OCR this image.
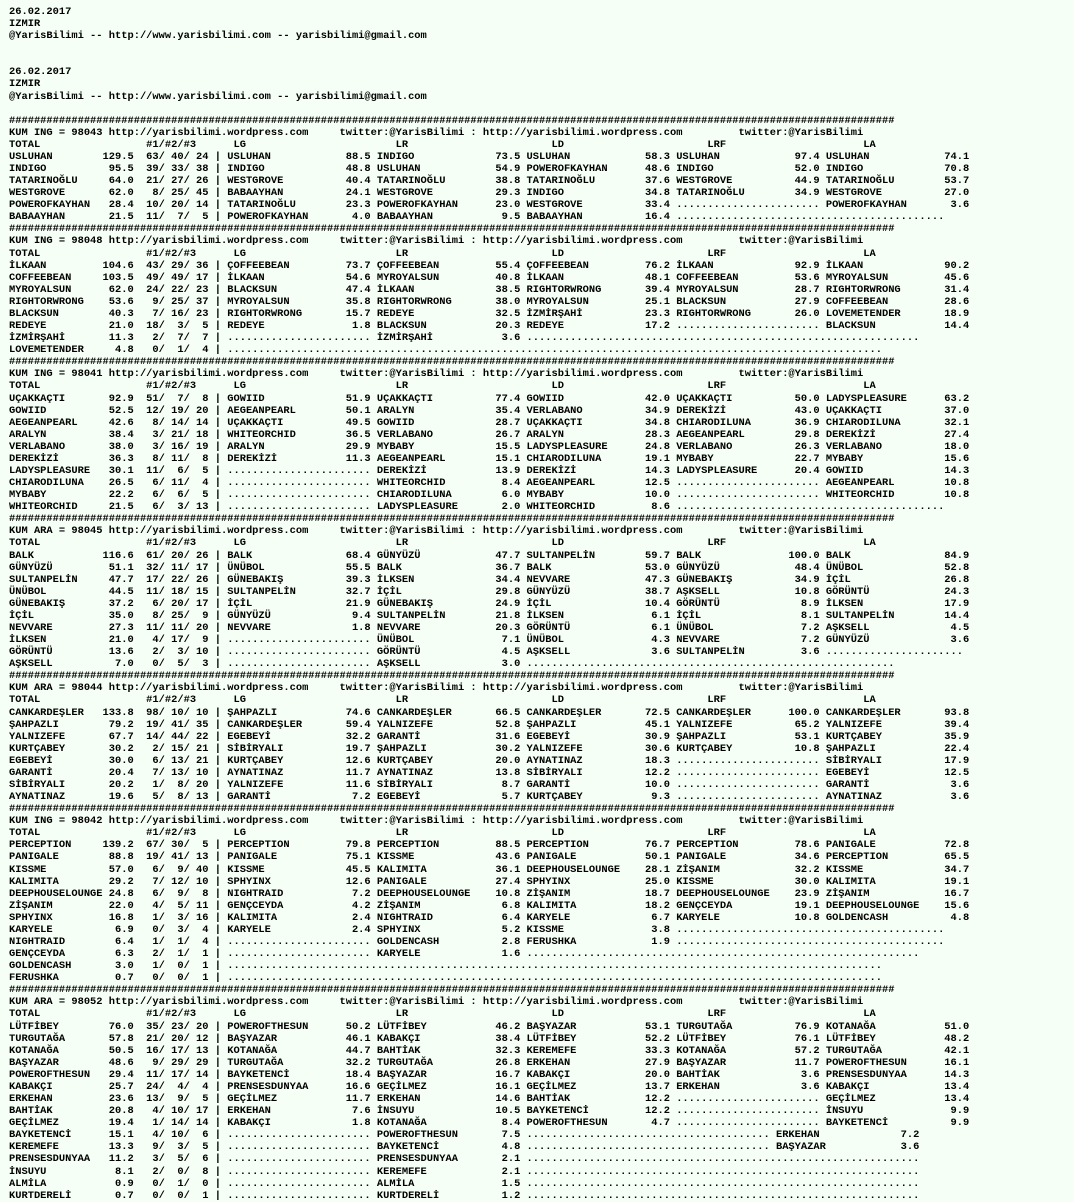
26.02.2017
IZMIR
@YarisBilimi -- http://www.yarisbilimi.com -- yarisbilimi@gmail.com

26.02.2017
IZMIR
@YarisBilimi -- http://www.yarisbilimi.com -- yarisbilimi@gmail.com

##############################################################################################################################################
KUM ING = 98043 http://yarisbilimi.wordpress.com     twitter:@YarisBilimi : http://yarisbilimi.wordpress.com         twitter:@YarisBilimi
TOTAL                 #1/#2/#3      LG                        LR                       LD                       LRF                      LA
USLUHAN        129.5  63/ 40/ 24 | USLUHAN            88.5 INDIGO             73.5 USLUHAN            58.3 USLUHAN            97.4 USLUHAN            74.1
INDIGO          95.5  39/ 33/ 38 | INDIGO             48.8 USLUHAN            54.9 POWEROFKAYHAN      48.6 INDIGO             52.0 INDIGO             70.8
TATARINOĞLU     64.0  21/ 27/ 26 | WESTGROVE          40.4 TATARINOĞLU        38.8 TATARINOĞLU        37.6 WESTGROVE          44.9 TATARINOĞLU        53.7
WESTGROVE       62.0   8/ 25/ 45 | BABAAYHAN          24.1 WESTGROVE          29.3 INDIGO             34.8 TATARINOĞLU        34.9 WESTGROVE          27.0
POWEROFKAYHAN   28.4  10/ 20/ 14 | TATARINOĞLU        23.3 POWEROFKAYHAN      23.0 WESTGROVE          33.4 ....................... POWEROFKAYHAN       3.6
BABAAYHAN       21.5  11/  7/  5 | POWEROFKAYHAN       4.0 BABAAYHAN           9.5 BABAAYHAN          16.4 ...........................................
##############################################################################################################################################
KUM ING = 98048 http://yarisbilimi.wordpress.com     twitter:@YarisBilimi : http://yarisbilimi.wordpress.com         twitter:@YarisBilimi
TOTAL                 #1/#2/#3      LG                        LR                       LD                       LRF                      LA
İLKAAN         104.6  43/ 29/ 36 | ÇOFFEEBEAN         73.7 ÇOFFEEBEAN         55.4 ÇOFFEEBEAN         76.2 İLKAAN             92.9 İLKAAN             90.2
COFFEEBEAN     103.5  49/ 49/ 17 | İLKAAN             54.6 MYROYALSUN         40.8 İLKAAN             48.1 COFFEEBEAN         53.6 MYROYALSUN         45.6
MYROYALSUN      62.0  24/ 22/ 23 | BLACKSUN           47.4 İLKAAN             38.5 RIGHTORWRONG       39.4 MYROYALSUN         28.7 RIGHTORWRONG       31.4
RIGHTORWRONG    53.6   9/ 25/ 37 | MYROYALSUN         35.8 RIGHTORWRONG       38.0 MYROYALSUN         25.1 BLACKSUN           27.9 COFFEEBEAN         28.6
BLACKSUN        40.3   7/ 16/ 23 | RIGHTORWRONG       15.7 REDEYE             32.5 İZMİRŞAHİ          23.3 RIGHTORWRONG       26.0 LOVEMETENDER       18.9
REDEYE          21.0  18/  3/  5 | REDEYE              1.8 BLACKSUN           20.3 REDEYE             17.2 ....................... BLACKSUN           14.4
İZMİRŞAHİ       11.3   2/  7/  7 | ....................... İZMİRŞAHİ           3.6 ...............................................................
LOVEMETENDER     4.8   0/  1/  4 | .........................................................................................................
##############################################################################################################################################
KUM ING = 98041 http://yarisbilimi.wordpress.com     twitter:@YarisBilimi : http://yarisbilimi.wordpress.com         twitter:@YarisBilimi
TOTAL                 #1/#2/#3      LG                        LR                       LD                       LRF                      LA
UÇAKKAÇTI       92.9  51/  7/  8 | GOWIID             51.9 UÇAKKAÇTI          77.4 GOWIID             42.0 UÇAKKAÇTI          50.0 LADYSPLEASURE      63.2
GOWIID          52.5  12/ 19/ 20 | AEGEANPEARL        50.1 ARALYN             35.4 VERLABANO          34.9 DEREKİZİ           43.0 UÇAKKAÇTI          37.0
AEGEANPEARL     42.6   8/ 14/ 14 | UÇAKKAÇTI          49.5 GOWIID             28.7 UÇAKKAÇTI          34.8 CHIARODILUNA       36.9 CHIARODILUNA       32.1
ARALYN          38.4   3/ 21/ 18 | WHITEORCHID        36.5 VERLABANO          26.7 ARALYN             28.3 AEGEANPEARL        29.8 DEREKİZİ           27.4
VERLABANO       38.0   3/ 16/ 19 | ARALYN             29.9 MYBABY             15.5 LADYSPLEASURE      24.8 VERLABANO          26.3 VERLABANO          18.0
DEREKİZİ        36.3   8/ 11/  8 | DEREKİZİ           11.3 AEGEANPEARL        15.1 CHIARODILUNA       19.1 MYBABY             22.7 MYBABY             15.6
LADYSPLEASURE   30.1  11/  6/  5 | ....................... DEREKİZİ           13.9 DEREKİZİ           14.3 LADYSPLEASURE      20.4 GOWIID             14.3
CHIARODILUNA    26.5   6/ 11/  4 | ....................... WHITEORCHID         8.4 AEGEANPEARL        12.5 ....................... AEGEANPEARL        10.8
MYBABY          22.2   6/  6/  5 | ....................... CHIARODILUNA        6.0 MYBABY             10.0 ....................... WHITEORCHID        10.8
WHITEORCHID     21.5   6/  3/ 13 | ....................... LADYSPLEASURE       2.0 WHITEORCHID         8.6 ...........................................
##############################################################################################################################################
KUM ARA = 98045 http://yarisbilimi.wordpress.com     twitter:@YarisBilimi : http://yarisbilimi.wordpress.com         twitter:@YarisBilimi
TOTAL                 #1/#2/#3      LG                        LR                       LD                       LRF                      LA
BALK           116.6  61/ 20/ 26 | BALK               68.4 GÜNYÜZÜ            47.7 SULTANPELİN        59.7 BALK              100.0 BALK               84.9
GÜNYÜZÜ         51.1  32/ 11/ 17 | ÜNÜBOL             55.5 BALK               36.7 BALK               53.0 GÜNYÜZÜ            48.4 ÜNÜBOL             52.8
SULTANPELİN     47.7  17/ 22/ 26 | GÜNEBAKIŞ          39.3 İLKSEN             34.4 NEVVARE            47.3 GÜNEBAKIŞ          34.9 İÇİL               26.8
ÜNÜBOL          44.5  11/ 18/ 15 | SULTANPELİN        32.7 İÇİL               29.8 GÜNYÜZÜ            38.7 AŞKSELL            10.8 GÖRÜNTÜ            24.3
GÜNEBAKIŞ       37.2   6/ 20/ 17 | İÇİL               21.9 GÜNEBAKIŞ          24.9 İÇİL               10.4 GÖRÜNTÜ             8.9 İLKSEN             17.9
İÇİL            35.0   8/ 25/  9 | GÜNYÜZÜ             9.4 SULTANPELİN        21.8 İLKSEN              6.1 İÇİL                8.1 SULTANPELİN        14.4
NEVVARE         27.3  11/ 11/ 20 | NEVVARE             1.8 NEVVARE            20.3 GÖRÜNTÜ             6.1 ÜNÜBOL              7.2 AŞKSELL             4.5
İLKSEN          21.0   4/ 17/  9 | ....................... ÜNÜBOL              7.1 ÜNÜBOL              4.3 NEVVARE             7.2 GÜNYÜZÜ             3.6
GÖRÜNTÜ         13.6   2/  3/ 10 | ....................... GÖRÜNTÜ             4.5 AŞKSELL             3.6 SULTANPELİN         3.6 ......................
AŞKSELL          7.0   0/  5/  3 | ....................... AŞKSELL             3.0 ...........................................................
##############################################################################################################################################
KUM ARA = 98044 http://yarisbilimi.wordpress.com     twitter:@YarisBilimi : http://yarisbilimi.wordpress.com         twitter:@YarisBilimi
TOTAL                 #1/#2/#3      LG                        LR                       LD                       LRF                      LA
CANKARDEŞLER   133.8  98/ 10/ 10 | ŞAHPAZLI           74.6 CANKARDEŞLER       66.5 CANKARDEŞLER       72.5 CANKARDEŞLER      100.0 CANKARDEŞLER       93.8
ŞAHPAZLI        79.2  19/ 41/ 35 | CANKARDEŞLER       59.4 YALNIZEFE          52.8 ŞAHPAZLI           45.1 YALNIZEFE          65.2 YALNIZEFE          39.4
YALNIZEFE       67.7  14/ 44/ 22 | EGEBEYİ            32.2 GARANTİ            31.6 EGEBEYİ            30.9 ŞAHPAZLI           53.1 KURTÇABEY          35.9
KURTÇABEY       30.2   2/ 15/ 21 | SİBİRYALI          19.7 ŞAHPAZLI           30.2 YALNIZEFE          30.6 KURTÇABEY          10.8 ŞAHPAZLI           22.4
EGEBEYİ         30.0   6/ 13/ 21 | KURTÇABEY          12.6 KURTÇABEY          20.0 AYNATINAZ          18.3 ....................... SİBİRYALI          17.9
GARANTİ         20.4   7/ 13/ 10 | AYNATINAZ          11.7 AYNATINAZ          13.8 SİBİRYALI          12.2 ....................... EGEBEYİ            12.5
SİBİRYALI       20.2   1/  8/ 20 | YALNIZEFE          11.6 SİBİRYALI           8.7 GARANTİ            10.0 ....................... GARANTİ             3.6
AYNATINAZ       19.6   5/  8/ 13 | GARANTİ             7.2 EGEBEYİ             5.7 KURTÇABEY           9.3 ....................... AYNATINAZ           3.6
##############################################################################################################################################
KUM ING = 98042 http://yarisbilimi.wordpress.com     twitter:@YarisBilimi : http://yarisbilimi.wordpress.com         twitter:@YarisBilimi
TOTAL                 #1/#2/#3      LG                        LR                       LD                       LRF                      LA
PERCEPTION     139.2  67/ 30/  5 | PERCEPTION         79.8 PERCEPTION         88.5 PERCEPTION         76.7 PERCEPTION         78.6 PANIGALE           72.8
PANIGALE        88.8  19/ 41/ 13 | PANIGALE           75.1 KISSME             43.6 PANIGALE           50.1 PANIGALE           34.6 PERCEPTION         65.5
KISSME          57.0   6/  9/ 40 | KISSME             45.5 KALIMITA           36.1 DEEPHOUSELOUNGE    28.1 ZİŞANIM            32.2 KISSME             34.7
KALIMITA        29.2   7/ 12/ 10 | SPHYINX            12.6 PANIGALE           27.4 SPHYINX            25.0 KISSME             30.0 KALIMITA           19.1
DEEPHOUSELOUNGE 24.8   6/  9/  8 | NIGHTRAID           7.2 DEEPHOUSELOUNGE    10.8 ZİŞANIM            18.7 DEEPHOUSELOUNGE    23.9 ZİŞANIM            16.7
ZİŞANIM         22.0   4/  5/ 11 | GENÇCEYDA           4.2 ZİŞANIM             6.8 KALIMITA           18.2 GENÇCEYDA          19.1 DEEPHOUSELOUNGE    15.6
SPHYINX         16.8   1/  3/ 16 | KALIMITA            2.4 NIGHTRAID           6.4 KARYELE             6.7 KARYELE            10.8 GOLDENCASH          4.8
KARYELE          6.9   0/  3/  4 | KARYELE             2.4 SPHYINX             5.2 KISSME              3.8 ...........................................
NIGHTRAID        6.4   1/  1/  4 | ....................... GOLDENCASH          2.8 FERUSHKA            1.9 ...........................................
GENÇCEYDA        6.3   2/  1/  1 | ....................... KARYELE             1.6 ...............................................................
GOLDENCASH       3.0   1/  0/  1 | .........................................................................................................
FERUSHKA         0.7   0/  0/  1 | .........................................................................................................
##############################################################################################################################################
KUM ARA = 98052 http://yarisbilimi.wordpress.com     twitter:@YarisBilimi : http://yarisbilimi.wordpress.com         twitter:@YarisBilimi
TOTAL                 #1/#2/#3      LG                        LR                       LD                       LRF                      LA
LÜTFİBEY        76.0  35/ 23/ 20 | POWEROFTHESUN      50.2 LÜTFİBEY           46.2 BAŞYAZAR           53.1 TURGUTAĞA          76.9 KOTANAĞA           51.0
TURGUTAĞA       57.8  21/ 20/ 12 | BAŞYAZAR           46.1 KABAKÇI            38.4 LÜTFİBEY           52.2 LÜTFİBEY           76.1 LÜTFİBEY           48.2
KOTANAĞA        50.5  16/ 17/ 13 | KOTANAĞA           44.7 BAHTİAK            32.3 KEREMEFE           33.3 KOTANAĞA           57.2 TURGUTAĞA          42.1
BAŞYAZAR        48.6   9/ 29/ 29 | TURGUTAĞA          32.2 TURGUTAĞA          26.8 ERKEHAN            27.9 BAŞYAZAR           11.7 POWEROFTHESUN      16.1
POWEROFTHESUN   29.4  11/ 17/ 14 | BAYKETENCİ         18.4 BAŞYAZAR           16.7 KABAKÇI            20.0 BAHTİAK             3.6 PRENSESDUNYAA      14.3
KABAKÇI         25.7  24/  4/  4 | PRENSESDUNYAA      16.6 GEÇİLMEZ           16.1 GEÇİLMEZ           13.7 ERKEHAN             3.6 KABAKÇI            13.4
ERKEHAN         23.6  13/  9/  5 | GEÇİLMEZ           11.7 ERKEHAN            14.6 BAHTİAK            12.2 ....................... GEÇİLMEZ           13.4
BAHTİAK         20.8   4/ 10/ 17 | ERKEHAN             7.6 İNSUYU             10.5 BAYKETENCİ         12.2 ....................... İNSUYU              9.9
GEÇİLMEZ        19.4   1/ 14/ 14 | KABAKÇI             1.8 KOTANAĞA            8.4 POWEROFTHESUN       4.7 ....................... BAYKETENCİ          9.9
BAYKETENCİ      15.1   4/ 10/  6 | ....................... POWEROFTHESUN       7.5 ....................................... ERKEHAN             7.2
KEREMEFE        13.3   9/  3/  5 | ....................... BAYKETENCİ          4.8 ....................................... BAŞYAZAR            3.6
PRENSESDUNYAA   11.2   3/  5/  6 | ....................... PRENSESDUNYAA       2.1 ...............................................................
İNSUYU           8.1   2/  0/  8 | ....................... KEREMEFE            2.1 ...............................................................
ALMİLA           0.9   0/  1/  0 | ....................... ALMİLA              1.5 ...............................................................
KURTDERELİ       0.7   0/  0/  1 | ....................... KURTDERELİ          1.2 ...............................................................
